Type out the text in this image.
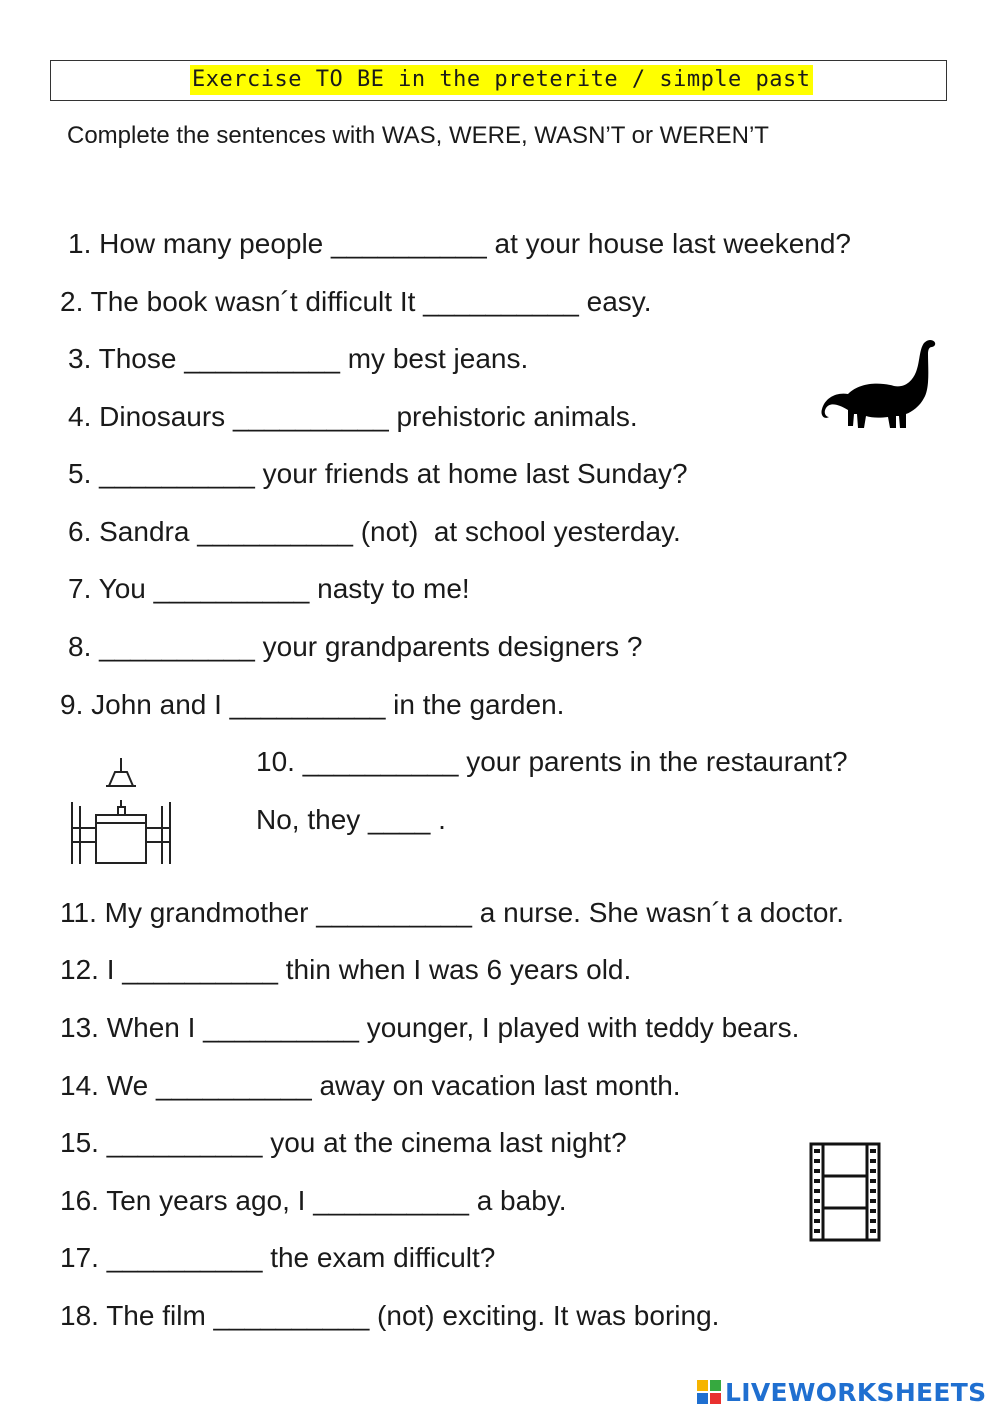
Exercise TO BE in the preterite / simple past
Complete the sentences with WAS, WERE, WASN’T or WEREN’T
1. How many people __________ at your house last weekend?
2. The book wasn´t difficult It __________ easy.
3. Those __________ my best jeans.
4. Dinosaurs __________ prehistoric animals.
5. __________ your friends at home last Sunday?
6. Sandra __________ (not)  at school yesterday.
7. You __________ nasty to me!
8. __________ your grandparents designers ?
9. John and I __________ in the garden.
10. __________ your parents in the restaurant?
No, they ____ .
11. My grandmother __________ a nurse. She wasn´t a doctor.
12. I __________ thin when I was 6 years old.
13. When I __________ younger, I played with teddy bears.
14. We __________ away on vacation last month.
15. __________ you at the cinema last night?
16. Ten years ago, I __________ a baby.
17. __________ the exam difficult?
18. The film __________ (not) exciting. It was boring.
LIVEWORKSHEETS
